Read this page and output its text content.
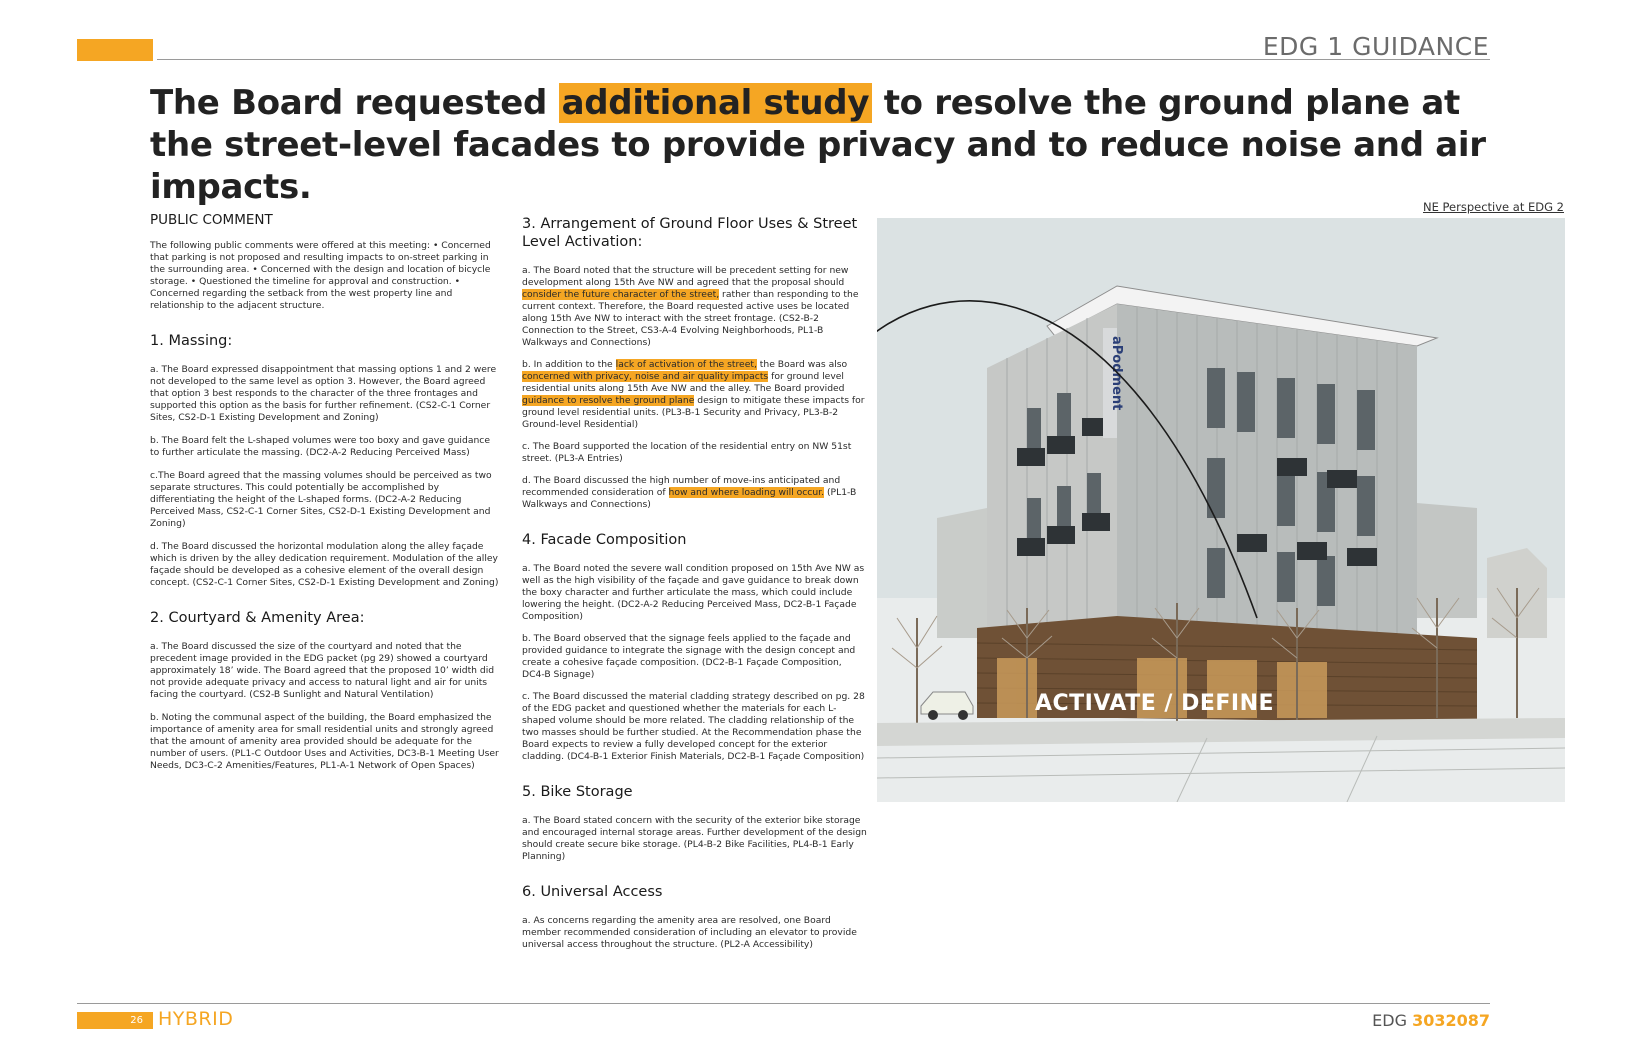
EDG 1 GUIDANCE
The Board requested additional study to resolve the ground plane at the street-level facades to provide privacy and to reduce noise and air impacts.
PUBLIC COMMENT

The following public comments were offered at this meeting: • Concerned that parking is not proposed and resulting impacts to on-street parking in the surrounding area. • Concerned with the design and location of bicycle storage. • Questioned the timeline for approval and construction. • Concerned regarding the setback from the west property line and relationship to the adjacent structure.

1. Massing:

a. The Board expressed disappointment that massing options 1 and 2 were not developed to the same level as option 3. However, the Board agreed that option 3 best responds to the character of the three frontages and supported this option as the basis for further refinement. (CS2-C-1 Corner Sites, CS2-D-1 Existing Development and Zoning)

b. The Board felt the L-shaped volumes were too boxy and gave guidance to further articulate the massing. (DC2-A-2 Reducing Perceived Mass)

c.The Board agreed that the massing volumes should be perceived as two separate structures. This could potentially be accomplished by differentiating the height of the L-shaped forms. (DC2-A-2 Reducing Perceived Mass, CS2-C-1 Corner Sites, CS2-D-1 Existing Development and Zoning)

d. The Board discussed the horizontal modulation along the alley façade which is driven by the alley dedication requirement. Modulation of the alley façade should be developed as a cohesive element of the overall design concept. (CS2-C-1 Corner Sites, CS2-D-1 Existing Development and Zoning)

2. Courtyard & Amenity Area:

a. The Board discussed the size of the courtyard and noted that the precedent image provided in the EDG packet (pg 29) showed a courtyard approximately 18’ wide. The Board agreed that the proposed 10’ width did not provide adequate privacy and access to natural light and air for units facing the courtyard. (CS2-B Sunlight and Natural Ventilation)

b. Noting the communal aspect of the building, the Board emphasized the importance of amenity area for small residential units and strongly agreed that the amount of amenity area provided should be adequate for the number of users. (PL1-C Outdoor Uses and Activities, DC3-B-1 Meeting User Needs, DC3-C-2 Amenities/Features, PL1-A-1 Network of Open Spaces)

3. Arrangement of Ground Floor Uses & Street Level Activation:

a. The Board noted that the structure will be precedent setting for new development along 15th Ave NW and agreed that the proposal should consider the future character of the street, rather than responding to the current context. Therefore, the Board requested active uses be located along 15th Ave NW to interact with the street frontage. (CS2-B-2 Connection to the Street, CS3-A-4 Evolving Neighborhoods, PL1-B Walkways and Connections)

b. In addition to the lack of activation of the street, the Board was also concerned with privacy, noise and air quality impacts for ground level residential units along 15th Ave NW and the alley. The Board provided guidance to resolve the ground plane design to mitigate these impacts for ground level residential units. (PL3-B-1 Security and Privacy, PL3-B-2 Ground-level Residential)

c. The Board supported the location of the residential entry on NW 51st street. (PL3-A Entries)

d. The Board discussed the high number of move-ins anticipated and recommended consideration of how and where loading will occur. (PL1-B Walkways and Connections)

4. Facade Composition

a. The Board noted the severe wall condition proposed on 15th Ave NW as well as the high visibility of the façade and gave guidance to break down the boxy character and further articulate the mass, which could include lowering the height. (DC2-A-2 Reducing Perceived Mass, DC2-B-1 Façade Composition)

b. The Board observed that the signage feels applied to the façade and provided guidance to integrate the signage with the design concept and create a cohesive façade composition. (DC2-B-1 Façade Composition, DC4-B Signage)

c. The Board discussed the material cladding strategy described on pg. 28 of the EDG packet and questioned whether the materials for each L-shaped volume should be more related. The cladding relationship of the two masses should be further studied. At the Recommendation phase the Board expects to review a fully developed concept for the exterior cladding. (DC4-B-1 Exterior Finish Materials, DC2-B-1 Façade Composition)

5. Bike Storage

a. The Board stated concern with the security of the exterior bike storage and encouraged internal storage areas. Further development of the design should create secure bike storage. (PL4-B-2 Bike Facilities, PL4-B-1 Early Planning)

6. Universal Access

a. As concerns regarding the amenity area are resolved, one Board member recommended consideration of including an elevator to provide universal access throughout the structure. (PL2-A Accessibility)

NE Perspective at EDG 2
aPodment
ACTIVATE / DEFINE
26 HYBRID	EDG 3032087
